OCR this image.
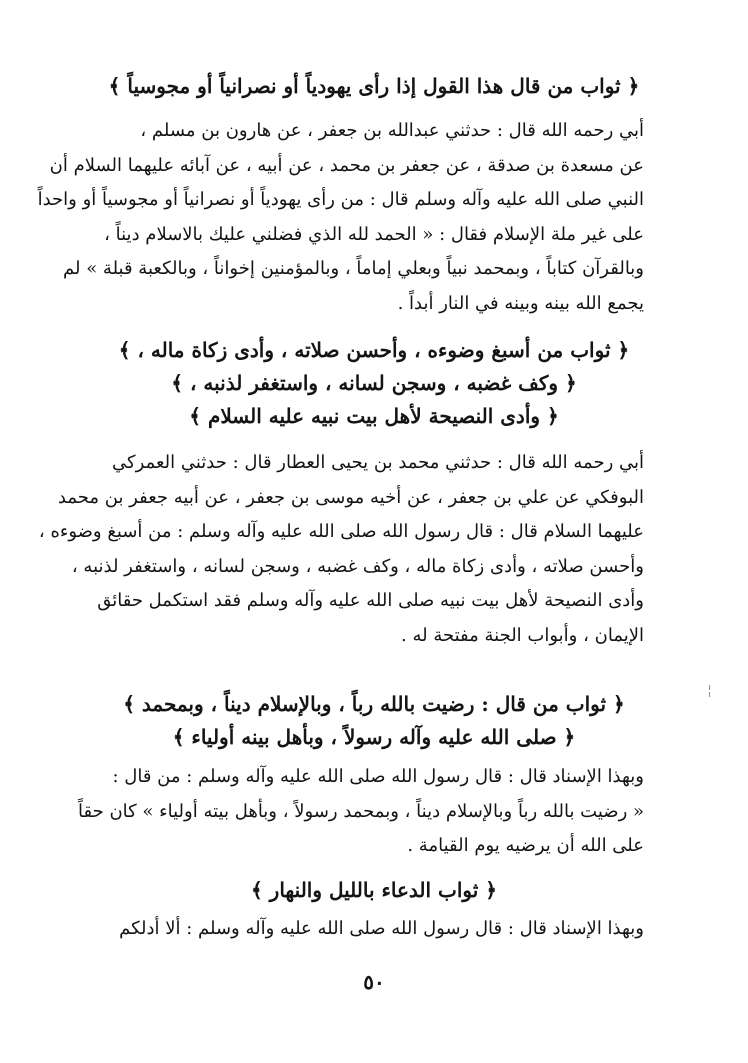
﴿ ثواب من قال هذا القول إذا رأى يهودياً أو نصرانياً أو مجوسياً ﴾
أبي رحمه الله قال : حدثني عبدالله بن جعفر ، عن هارون بن مسلم ،
عن مسعدة بن صدقة ، عن جعفر بن محمد ، عن أبيه ، عن آبائه عليهما السلام أن
النبي صلى الله عليه وآله وسلم قال : من رأى يهودياً أو نصرانياً أو مجوسياً أو واحداً
على غير ملة الإسلام فقال : « الحمد لله الذي فضلني عليك بالاسلام ديناً ،
وبالقرآن كتاباً ، وبمحمد نبياً وبعلي إماماً ، وبالمؤمنين إخواناً ، وبالكعبة قبلة » لم
يجمع الله بينه وبينه في النار أبداً .
﴿ ثواب من أسبغ وضوءه ، وأحسن صلاته ، وأدى زكاة ماله ، ﴾
﴿ وكف غضبه ، وسجن لسانه ، واستغفر لذنبه ، ﴾
﴿ وأدى النصيحة لأهل بيت نبيه عليه السلام ﴾
أبي رحمه الله قال : حدثني محمد بن يحيى العطار قال : حدثني العمركي
البوفكي عن علي بن جعفر ، عن أخيه موسى بن جعفر ، عن أبيه جعفر بن محمد
عليهما السلام قال : قال رسول الله صلى الله عليه وآله وسلم : من أسبغ وضوءه ،
وأحسن صلاته ، وأدى زكاة ماله ، وكف غضبه ، وسجن لسانه ، واستغفر لذنبه ،
وأدى النصيحة لأهل بيت نبيه صلى الله عليه وآله وسلم فقد استكمل حقائق
الإيمان ، وأبواب الجنة مفتحة له .
﴿ ثواب من قال : رضيت بالله رباً ، وبالإسلام ديناً ، وبمحمد ﴾
﴿ صلى الله عليه وآله رسولاً ، وبأهل بينه أولياء ﴾
وبهذا الإسناد قال : قال رسول الله صلى الله عليه وآله وسلم : من قال :
« رضيت بالله رباً وبالإسلام ديناً ، وبمحمد رسولاً ، وبأهل بيته أولياء » كان حقاً
على الله أن يرضيه يوم القيامة .
﴿ ثواب الدعاء بالليل والنهار ﴾
وبهذا الإسناد قال : قال رسول الله صلى الله عليه وآله وسلم : ألا أدلكم
٥٠
╎
